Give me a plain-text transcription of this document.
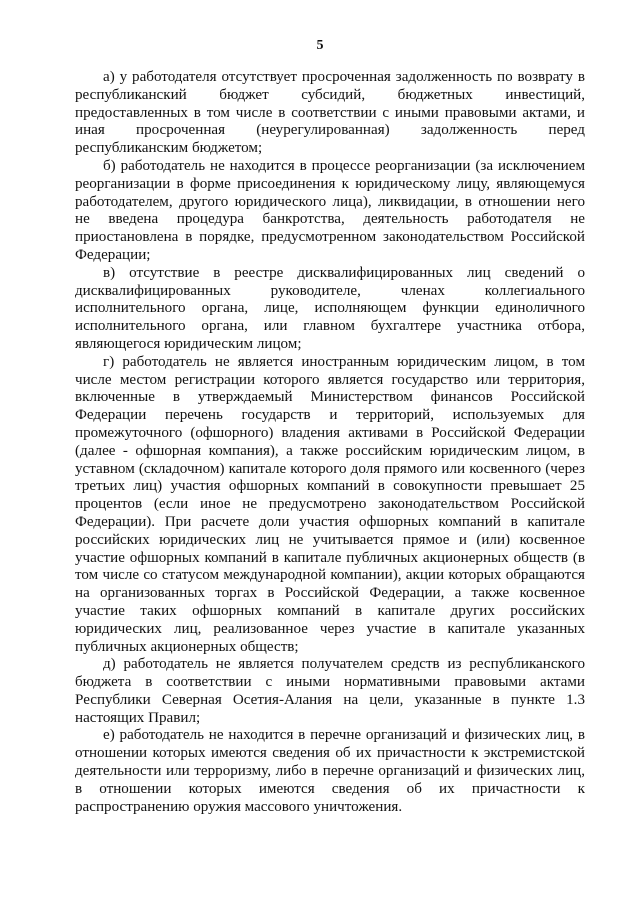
5

а) у работодателя отсутствует просроченная задолженность по возврату в республиканский бюджет субсидий, бюджетных инвестиций, предоставленных в том числе в соответствии с иными правовыми актами, и иная просроченная (неурегулированная) задолженность перед республиканским бюджетом;

б) работодатель не находится в процессе реорганизации (за исключением реорганизации в форме присоединения к юридическому лицу, являющемуся работодателем, другого юридического лица), ликвидации, в отношении него не введена процедура банкротства, деятельность работодателя не приостановлена в порядке, предусмотренном законодательством Российской Федерации;

в) отсутствие в реестре дисквалифицированных лиц сведений о дисквалифицированных руководителе, членах коллегиального исполнительного органа, лице, исполняющем функции единоличного исполнительного органа, или главном бухгалтере участника отбора, являющегося юридическим лицом;

г) работодатель не является иностранным юридическим лицом, в том числе местом регистрации которого является государство или территория, включенные в утверждаемый Министерством финансов Российской Федерации перечень государств и территорий, используемых для промежуточного (офшорного) владения активами в Российской Федерации (далее - офшорная компания), а также российским юридическим лицом, в уставном (складочном) капитале которого доля прямого или косвенного (через третьих лиц) участия офшорных компаний в совокупности превышает 25 процентов (если иное не предусмотрено законодательством Российской Федерации). При расчете доли участия офшорных компаний в капитале российских юридических лиц не учитывается прямое и (или) косвенное участие офшорных компаний в капитале публичных акционерных обществ (в том числе со статусом международной компании), акции которых обращаются на организованных торгах в Российской Федерации, а также косвенное участие таких офшорных компаний в капитале других российских юридических лиц, реализованное через участие в капитале указанных публичных акционерных обществ;

д) работодатель не является получателем средств из республиканского бюджета в соответствии с иными нормативными правовыми актами Республики Северная Осетия-Алания на цели, указанные в пункте 1.3 настоящих Правил;

е) работодатель не находится в перечне организаций и физических лиц, в отношении которых имеются сведения об их причастности к экстремистской деятельности или терроризму, либо в перечне организаций и физических лиц, в отношении которых имеются сведения об их причастности к распространению оружия массового уничтожения.
